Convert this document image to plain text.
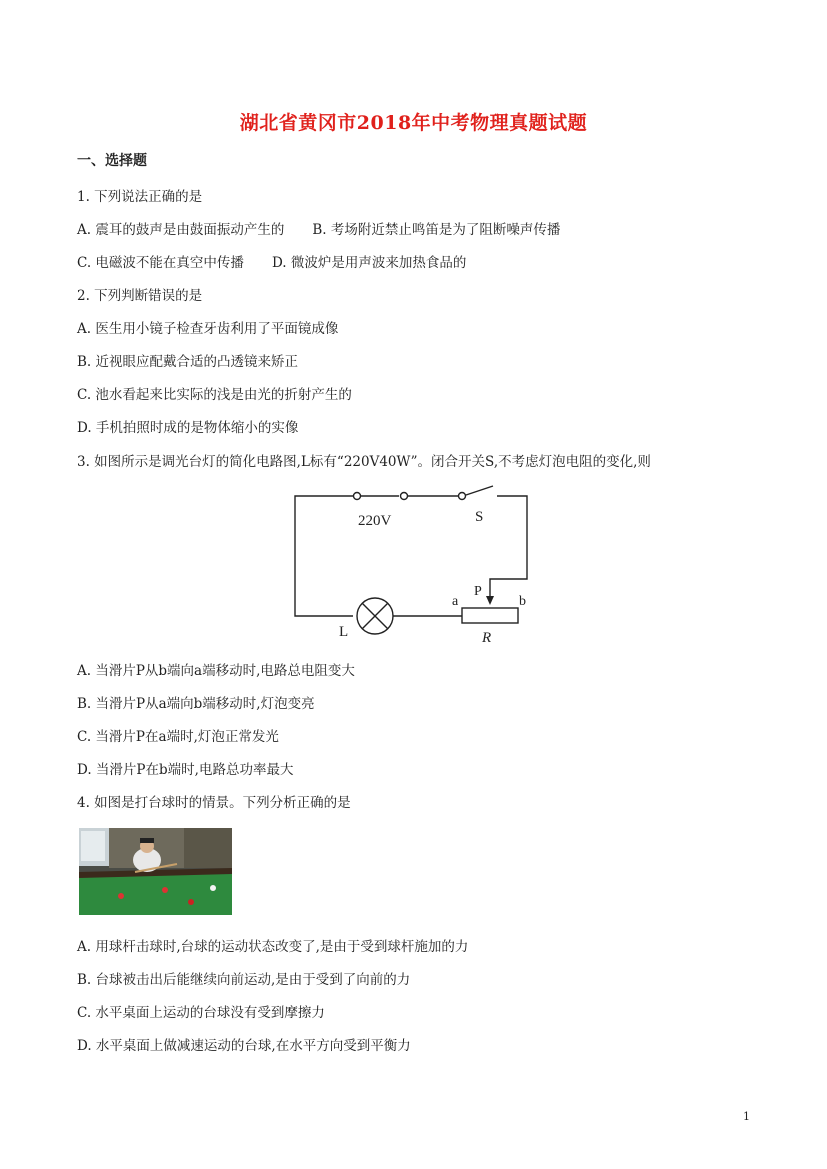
湖北省黄冈市2018年中考物理真题试题
一、选择题
1. 下列说法正确的是
A. 震耳的鼓声是由鼓面振动产生的 B. 考场附近禁止鸣笛是为了阻断噪声传播
C. 电磁波不能在真空中传播 D. 微波炉是用声波来加热食品的
2. 下列判断错误的是
A. 医生用小镜子检查牙齿利用了平面镜成像
B. 近视眼应配戴合适的凸透镜来矫正
C. 池水看起来比实际的浅是由光的折射产生的
D. 手机拍照时成的是物体缩小的实像
3. 如图所示是调光台灯的简化电路图,L标有“220V40W”。闭合开关S,不考虑灯泡电阻的变化,则
220V	S
P
a	b
R
L
A. 当滑片P从b端向a端移动时,电路总电阻变大
B. 当滑片P从a端向b端移动时,灯泡变亮
C. 当滑片P在a端时,灯泡正常发光
D. 当滑片P在b端时,电路总功率最大
4. 如图是打台球时的情景。下列分析正确的是
A. 用球杆击球时,台球的运动状态改变了,是由于受到球杆施加的力
B. 台球被击出后能继续向前运动,是由于受到了向前的力
C. 水平桌面上运动的台球没有受到摩擦力
D. 水平桌面上做减速运动的台球,在水平方向受到平衡力
1
